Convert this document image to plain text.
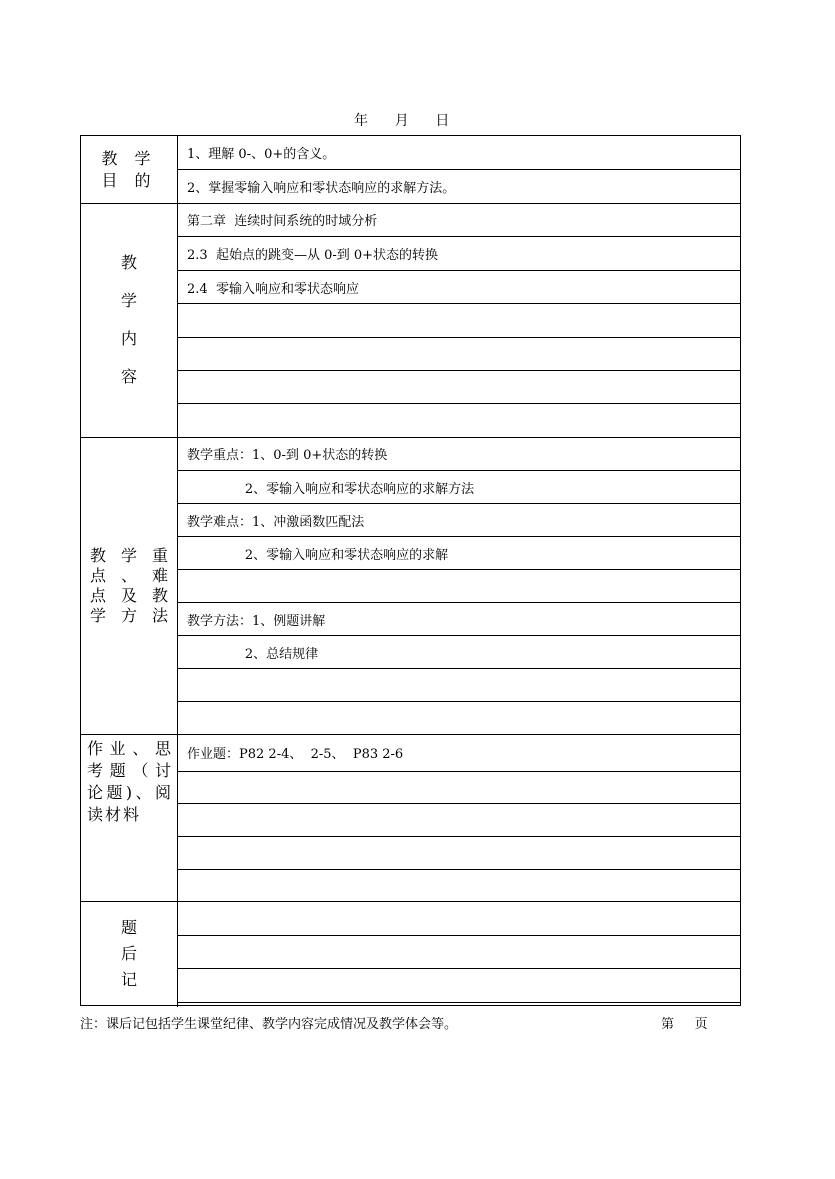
年      月      日
教 学
目 的
1、理解 0-、0+的含义。
2、掌握零输入响应和零状态响应的求解方法。
教
学
内
容
第二章  连续时间系统的时域分析
2.3  起始点的跳变—从 0-到 0+状态的转换
2.4  零输入响应和零状态响应
教学重
点、难
点及教
学方法
教学重点：1、0-到 0+状态的转换
2、零输入响应和零状态响应的求解方法
教学难点：1、冲激函数匹配法
2、零输入响应和零状态响应的求解
教学方法：1、例题讲解
2、总结规律
作业、思
考题（讨
论题)、阅
读材料
作业题：P82 2-4、  2-5、  P83 2-6
题
后
记
注：课后记包括学生课堂纪律、教学内容完成情况及教学体会等。	第     页
